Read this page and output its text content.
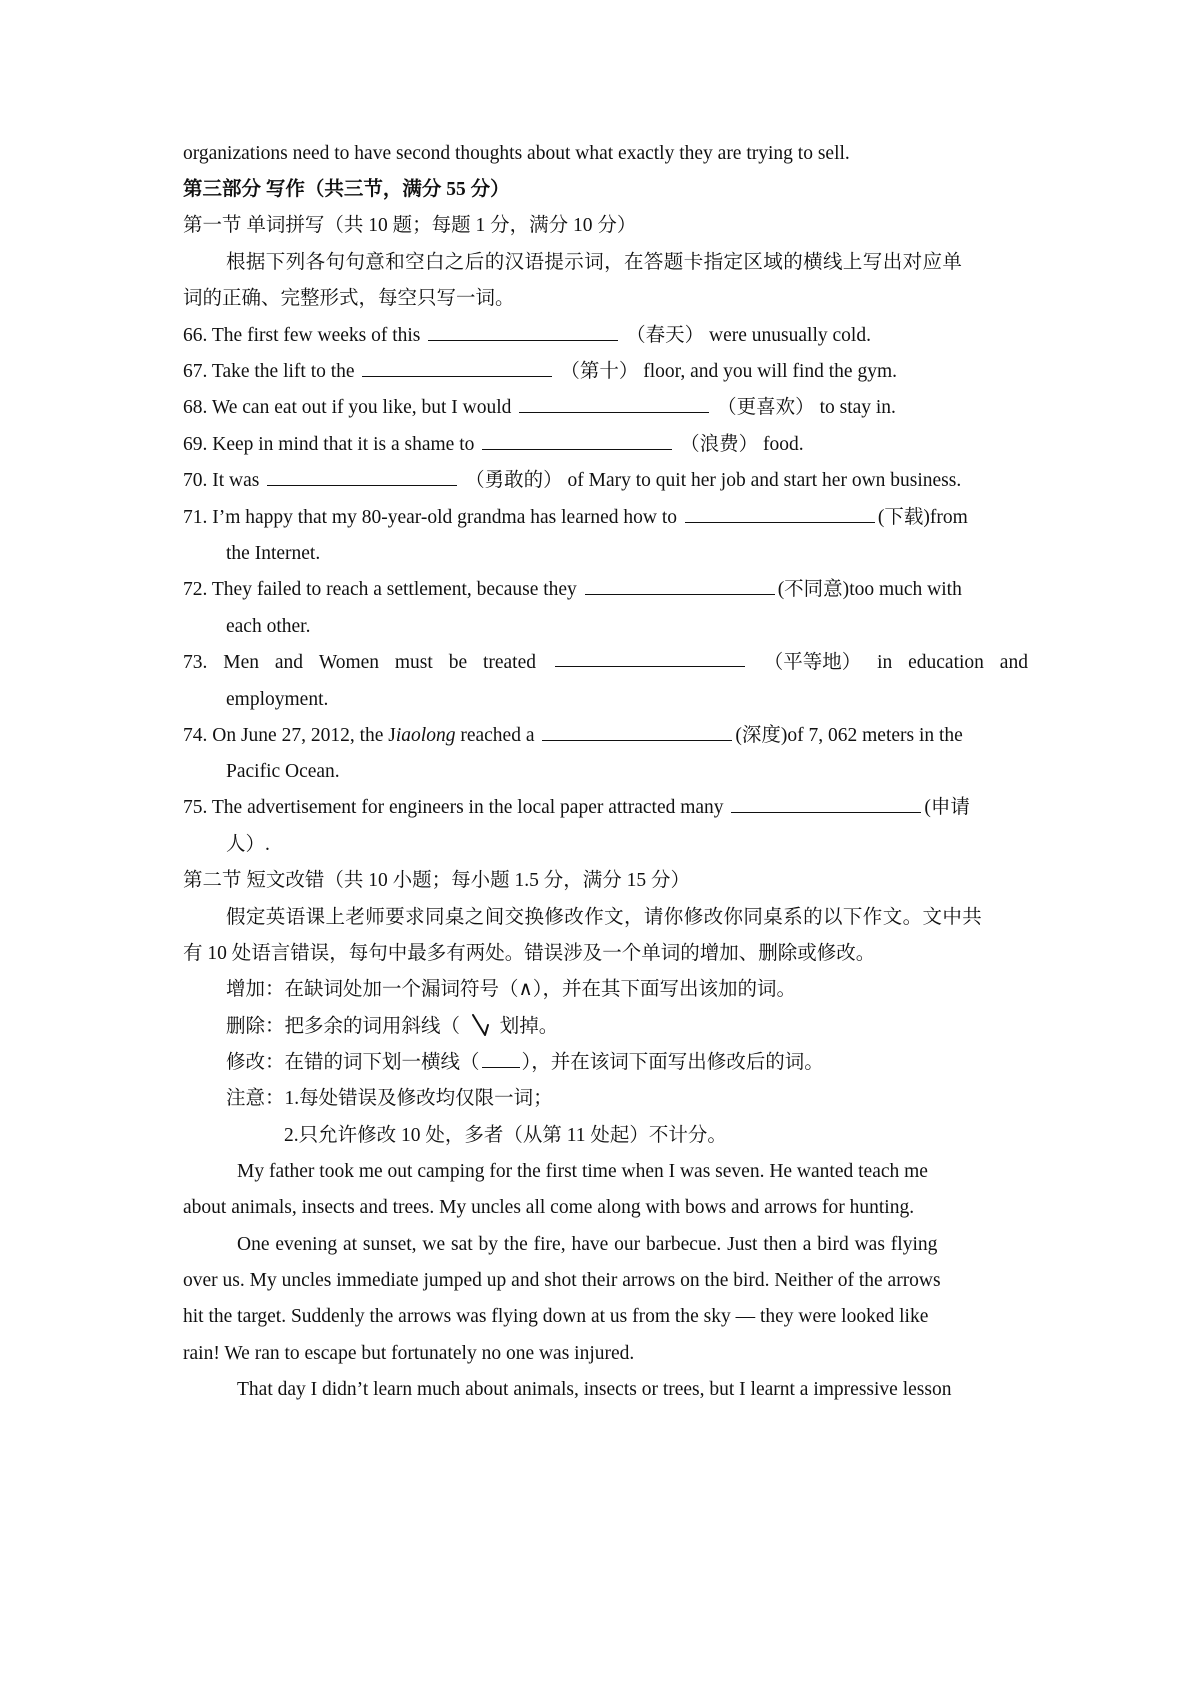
organizations need to have second thoughts about what exactly they are trying to sell.
第三部分 写作（共三节，满分 55 分）
第一节 单词拼写（共 10 题；每题 1 分，满分 10 分）
根据下列各句句意和空白之后的汉语提示词，在答题卡指定区域的横线上写出对应单
词的正确、完整形式，每空只写一词。
66. The first few weeks of this	（春天） were unusually cold.
67. Take the lift to the	（第十） floor, and you will find the gym.
68. We can eat out if you like, but I would	（更喜欢） to stay in.
69. Keep in mind that it is a shame to	（浪费） food.
70. It was	（勇敢的） of Mary to quit her job and start her own business.
71. I’m happy that my 80-year-old grandma has learned how to	(下载)from
the Internet.
72. They failed to reach a settlement, because they	(不同意)too much with
each other.
73. Men and Women must be treated	（平等地） in education and
employment.
74. On June 27, 2012, the Jiaolong reached a	(深度)of 7, 062 meters in the
Pacific Ocean.
75. The advertisement for engineers in the local paper attracted many	(申请
人）.
第二节 短文改错（共 10 小题；每小题 1.5 分，满分 15 分）
假定英语课上老师要求同桌之间交换修改作文，请你修改你同桌系的以下作文。文中共
有 10 处语言错误，每句中最多有两处。错误涉及一个单词的增加、删除或修改。
增加：在缺词处加一个漏词符号（∧），并在其下面写出该加的词。
删除：把多余的词用斜线（ 划掉。
修改：在错的词下划一横线（ ），并在该词下面写出修改后的词。
注意：1.每处错误及修改均仅限一词；
2.只允许修改 10 处，多者（从第 11 处起）不计分。
My father took me out camping for the first time when I was seven. He wanted teach me
about animals, insects and trees. My uncles all come along with bows and arrows for hunting.
One evening at sunset, we sat by the fire, have our barbecue. Just then a bird was flying
over us. My uncles immediate jumped up and shot their arrows on the bird. Neither of the arrows
hit the target. Suddenly the arrows was flying down at us from the sky — they were looked like
rain! We ran to escape but fortunately no one was injured.
That day I didn’t learn much about animals, insects or trees, but I learnt a impressive lesson
